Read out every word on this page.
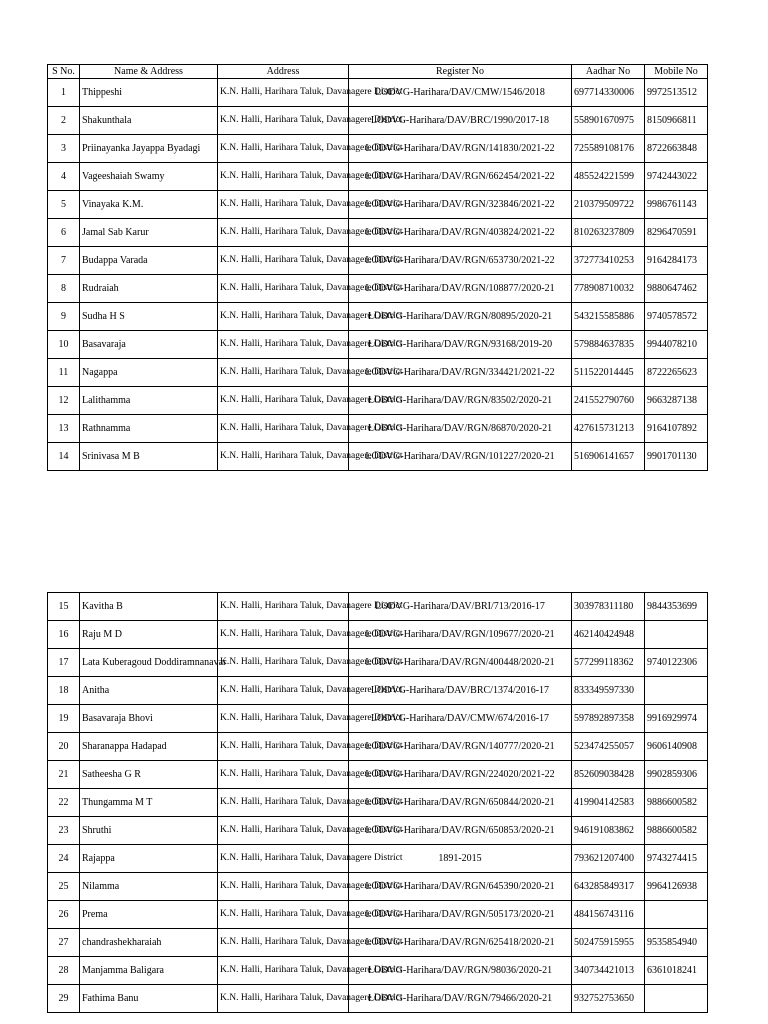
S No.	Name & Address	Address	Register No	Aadhar No	Mobile No
1	Thippeshi	K.N. Halli, Harihara Taluk, Davanagere District	LODVG-Harihara/DAV/CMW/1546/2018	697714330006	9972513512
2	Shakunthala	K.N. Halli, Harihara Taluk, Davanagere District	LODVG-Harihara/DAV/BRC/1990/2017-18	558901670975	8150966811
3	Priinayanka Jayappa Byadagi	K.N. Halli, Harihara Taluk, Davanagere District	LODVG-Harihara/DAV/RGN/141830/2021-22	725589108176	8722663848
4	Vageeshaiah Swamy	K.N. Halli, Harihara Taluk, Davanagere District	LODVG-Harihara/DAV/RGN/662454/2021-22	485524221599	9742443022
5	Vinayaka K.M.	K.N. Halli, Harihara Taluk, Davanagere District	LODVG-Harihara/DAV/RGN/323846/2021-22	210379509722	9986761143
6	Jamal Sab Karur	K.N. Halli, Harihara Taluk, Davanagere District	LODVG-Harihara/DAV/RGN/403824/2021-22	810263237809	8296470591
7	Budappa Varada	K.N. Halli, Harihara Taluk, Davanagere District	LODVG-Harihara/DAV/RGN/653730/2021-22	372773410253	9164284173
8	Rudraiah	K.N. Halli, Harihara Taluk, Davanagere District	LODVG-Harihara/DAV/RGN/108877/2020-21	778908710032	9880647462
9	Sudha H S	K.N. Halli, Harihara Taluk, Davanagere District	LODVG-Harihara/DAV/RGN/80895/2020-21	543215585886	9740578572
10	Basavaraja	K.N. Halli, Harihara Taluk, Davanagere District	LODVG-Harihara/DAV/RGN/93168/2019-20	579884637835	9944078210
11	Nagappa	K.N. Halli, Harihara Taluk, Davanagere District	LODVG-Harihara/DAV/RGN/334421/2021-22	511522014445	8722265623
12	Lalithamma	K.N. Halli, Harihara Taluk, Davanagere District	LODVG-Harihara/DAV/RGN/83502/2020-21	241552790760	9663287138
13	Rathnamma	K.N. Halli, Harihara Taluk, Davanagere District	LODVG-Harihara/DAV/RGN/86870/2020-21	427615731213	9164107892
14	Srinivasa M B	K.N. Halli, Harihara Taluk, Davanagere District	LODVG-Harihara/DAV/RGN/101227/2020-21	516906141657	9901701130
15	Kavitha B	K.N. Halli, Harihara Taluk, Davanagere District	LODVG-Harihara/DAV/BRI/713/2016-17	303978311180	9844353699
16	Raju M D	K.N. Halli, Harihara Taluk, Davanagere District	LODVG-Harihara/DAV/RGN/109677/2020-21	462140424948	
17	Lata Kuberagoud Doddiramnanavar	K.N. Halli, Harihara Taluk, Davanagere District	LODVG-Harihara/DAV/RGN/400448/2020-21	577299118362	9740122306
18	Anitha	K.N. Halli, Harihara Taluk, Davanagere District	LODVG-Harihara/DAV/BRC/1374/2016-17	833349597330	
19	Basavaraja Bhovi	K.N. Halli, Harihara Taluk, Davanagere District	LODVG-Harihara/DAV/CMW/674/2016-17	597892897358	9916929974
20	Sharanappa Hadapad	K.N. Halli, Harihara Taluk, Davanagere District	LODVG-Harihara/DAV/RGN/140777/2020-21	523474255057	9606140908
21	Satheesha G R	K.N. Halli, Harihara Taluk, Davanagere District	LODVG-Harihara/DAV/RGN/224020/2021-22	852609038428	9902859306
22	Thungamma M T	K.N. Halli, Harihara Taluk, Davanagere District	LODVG-Harihara/DAV/RGN/650844/2020-21	419904142583	9886600582
23	Shruthi	K.N. Halli, Harihara Taluk, Davanagere District	LODVG-Harihara/DAV/RGN/650853/2020-21	946191083862	9886600582
24	Rajappa	K.N. Halli, Harihara Taluk, Davanagere District	1891-2015	793621207400	9743274415
25	Nilamma	K.N. Halli, Harihara Taluk, Davanagere District	LODVG-Harihara/DAV/RGN/645390/2020-21	643285849317	9964126938
26	Prema	K.N. Halli, Harihara Taluk, Davanagere District	LODVG-Harihara/DAV/RGN/505173/2020-21	484156743116	
27	chandrashekharaiah	K.N. Halli, Harihara Taluk, Davanagere District	LODVG-Harihara/DAV/RGN/625418/2020-21	502475915955	9535854940
28	Manjamma Baligara	K.N. Halli, Harihara Taluk, Davanagere District	LODVG-Harihara/DAV/RGN/98036/2020-21	340734421013	6361018241
29	Fathima Banu	K.N. Halli, Harihara Taluk, Davanagere District	LODVG-Harihara/DAV/RGN/79466/2020-21	932752753650	
